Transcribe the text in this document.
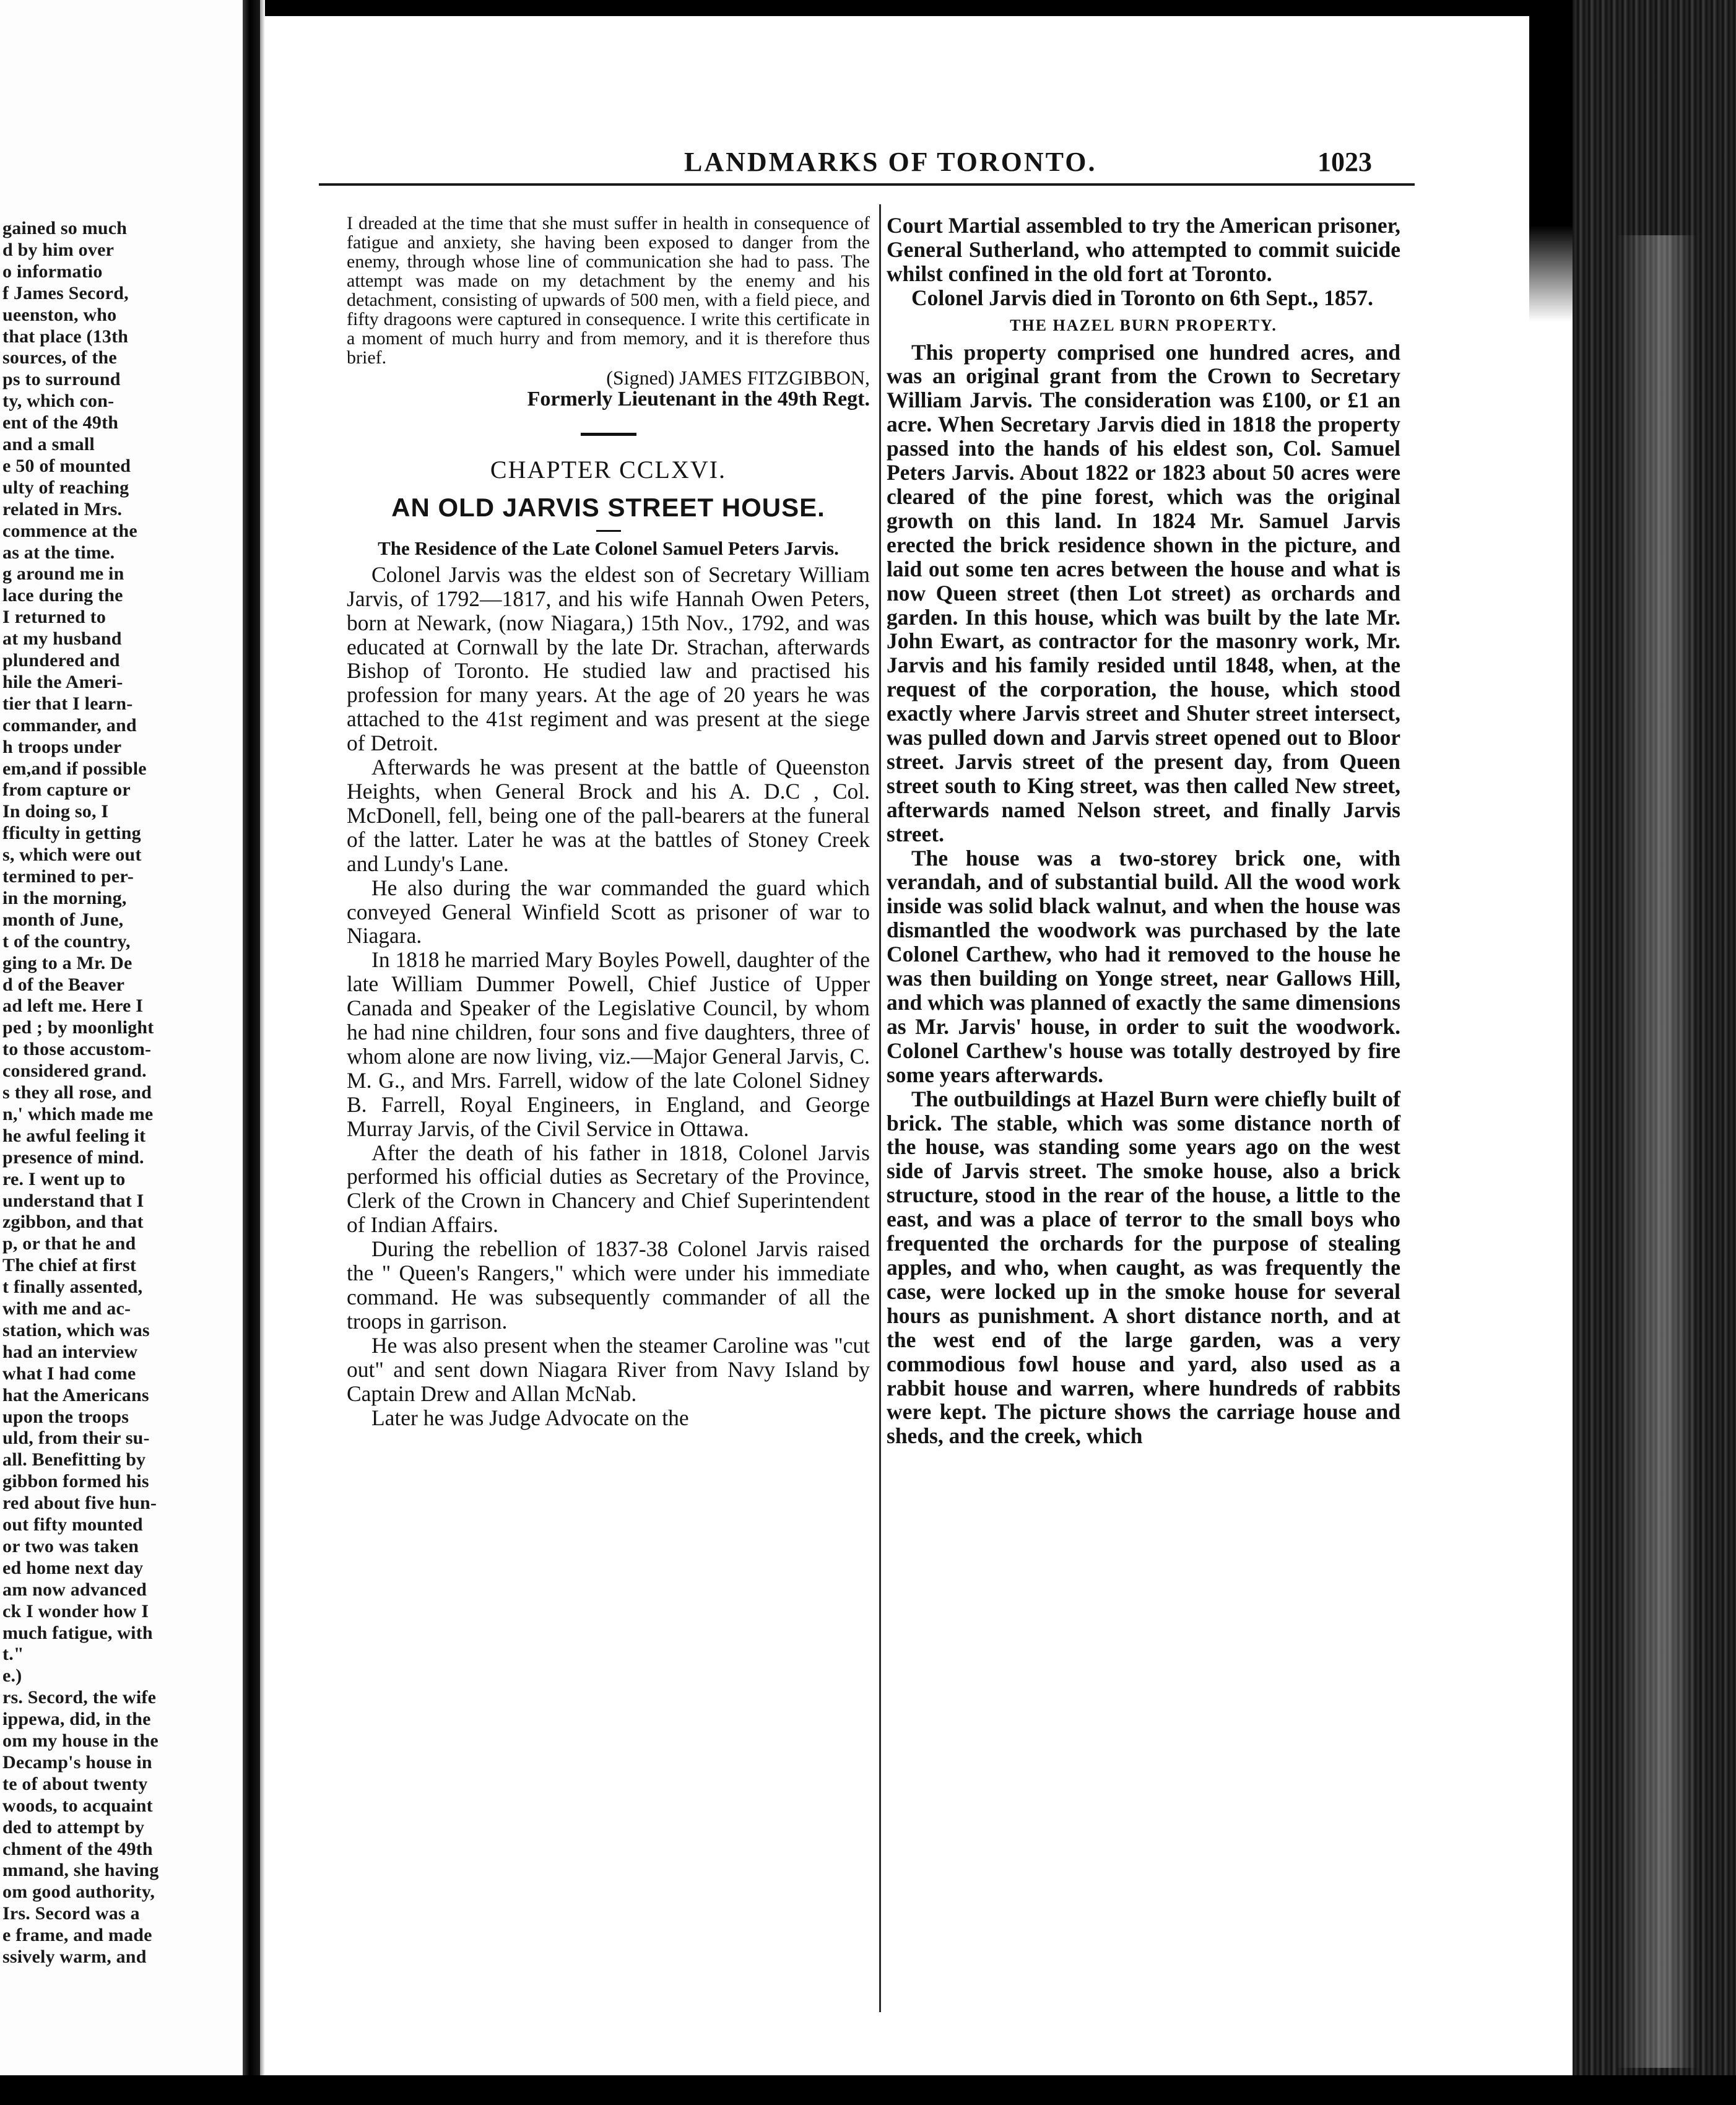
gained so much
d by him over
o informatio
f James Secord,
ueenston, who
that place (13th
sources, of the
ps to surround
ty, which con-
ent of the 49th
and a small
e 50 of mounted
ulty of reaching
related in Mrs.
commence at the
as at the time.
g around me in
lace during the
I returned to
at my husband
plundered and
hile the Ameri-
tier that I learn-
commander, and
h troops under
em,and if possible
from capture or
In doing so, I
fficulty in getting
s, which were out
termined to per-
in the morning,
month of June,
t of the country,
ging to a Mr. De
d of the Beaver
ad left me. Here I
ped ; by moonlight
to those accustom-
considered grand.
s they all rose, and
n,' which made me
he awful feeling it
presence of mind.
re. I went up to
understand that I
zgibbon, and that
p, or that he and
The chief at first
t finally assented,
with me and ac-
station, which was
had an interview
what I had come
hat the Americans
upon the troops
uld, from their su-
all. Benefitting by
gibbon formed his
red about five hun-
out fifty mounted
or two was taken
ed home next day
am now advanced
ck I wonder how I
much fatigue, with
t."
e.)
rs. Secord, the wife
ippewa, did, in the
om my house in the
Decamp's house in
te of about twenty
woods, to acquaint
ded to attempt by
chment of the 49th
mmand, she having
om good authority,
Irs. Secord was a
e frame, and made
ssively warm, and
LANDMARKS OF TORONTO.	1023

I dreaded at the time that she must suffer in health in consequence of fatigue and anxiety, she having been exposed to danger from the enemy, through whose line of communication she had to pass. The attempt was made on my detachment by the enemy and his detachment, consisting of upwards of 500 men, with a field piece, and fifty dragoons were captured in consequence. I write this certificate in a moment of much hurry and from memory, and it is therefore thus brief.

(Signed) JAMES FITZGIBBON,
Formerly Lieutenant in the 49th Regt.
CHAPTER CCLXVI.
AN OLD JARVIS STREET HOUSE.
The Residence of the Late Colonel Samuel Peters Jarvis.

Colonel Jarvis was the eldest son of Secretary William Jarvis, of 1792—1817, and his wife Hannah Owen Peters, born at Newark, (now Niagara,) 15th Nov., 1792, and was educated at Cornwall by the late Dr. Strachan, afterwards Bishop of Toronto. He studied law and practised his profession for many years. At the age of 20 years he was attached to the 41st regiment and was present at the siege of Detroit.

Afterwards he was present at the battle of Queenston Heights, when General Brock and his A. D.C , Col. McDonell, fell, being one of the pall-bearers at the funeral of the latter. Later he was at the battles of Stoney Creek and Lundy's Lane.

He also during the war commanded the guard which conveyed General Winfield Scott as prisoner of war to Niagara.

In 1818 he married Mary Boyles Powell, daughter of the late William Dummer Powell, Chief Justice of Upper Canada and Speaker of the Legislative Council, by whom he had nine children, four sons and five daughters, three of whom alone are now living, viz.—Major General Jarvis, C. M. G., and Mrs. Farrell, widow of the late Colonel Sidney B. Farrell, Royal Engineers, in England, and George Murray Jarvis, of the Civil Service in Ottawa.

After the death of his father in 1818, Colonel Jarvis performed his official duties as Secretary of the Province, Clerk of the Crown in Chancery and Chief Superintendent of Indian Affairs.

During the rebellion of 1837-38 Colonel Jarvis raised the " Queen's Rangers," which were under his immediate command. He was subsequently commander of all the troops in garrison.

He was also present when the steamer Caroline was "cut out" and sent down Niagara River from Navy Island by Captain Drew and Allan McNab.

Later he was Judge Advocate on the

Court Martial assembled to try the American prisoner, General Sutherland, who attempted to commit suicide whilst confined in the old fort at Toronto.

Colonel Jarvis died in Toronto on 6th Sept., 1857.

THE HAZEL BURN PROPERTY.

This property comprised one hundred acres, and was an original grant from the Crown to Secretary William Jarvis. The consideration was £100, or £1 an acre. When Secretary Jarvis died in 1818 the property passed into the hands of his eldest son, Col. Samuel Peters Jarvis. About 1822 or 1823 about 50 acres were cleared of the pine forest, which was the original growth on this land. In 1824 Mr. Samuel Jarvis erected the brick residence shown in the picture, and laid out some ten acres between the house and what is now Queen street (then Lot street) as orchards and garden. In this house, which was built by the late Mr. John Ewart, as contractor for the masonry work, Mr. Jarvis and his family resided until 1848, when, at the request of the corporation, the house, which stood exactly where Jarvis street and Shuter street intersect, was pulled down and Jarvis street opened out to Bloor street. Jarvis street of the present day, from Queen street south to King street, was then called New street, afterwards named Nelson street, and finally Jarvis street.

The house was a two-storey brick one, with verandah, and of substantial build. All the wood work inside was solid black walnut, and when the house was dismantled the woodwork was purchased by the late Colonel Carthew, who had it removed to the house he was then building on Yonge street, near Gallows Hill, and which was planned of exactly the same dimensions as Mr. Jarvis' house, in order to suit the woodwork. Colonel Carthew's house was totally destroyed by fire some years afterwards.

The outbuildings at Hazel Burn were chiefly built of brick. The stable, which was some distance north of the house, was standing some years ago on the west side of Jarvis street. The smoke house, also a brick structure, stood in the rear of the house, a little to the east, and was a place of terror to the small boys who frequented the orchards for the purpose of stealing apples, and who, when caught, as was frequently the case, were locked up in the smoke house for several hours as punishment. A short distance north, and at the west end of the large garden, was a very commodious fowl house and yard, also used as a rabbit house and warren, where hundreds of rabbits were kept. The picture shows the carriage house and sheds, and the creek, which
